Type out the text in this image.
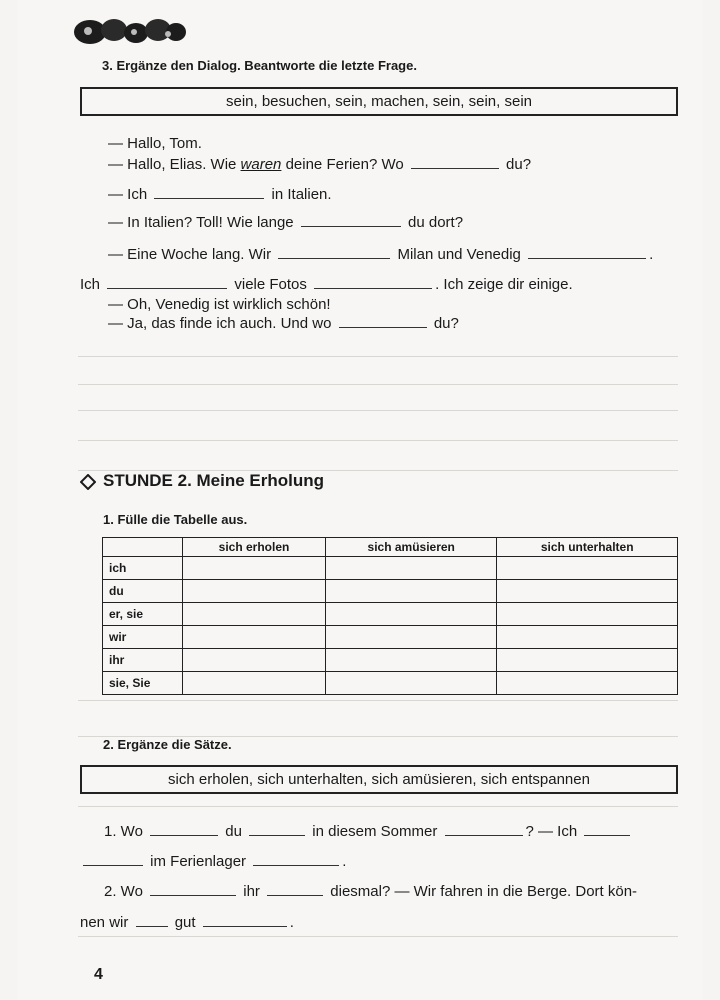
3. Ergänze den Dialog. Beantworte die letzte Frage.
sein, besuchen, sein, machen, sein, sein, sein
— Hallo, Tom.
— Hallo, Elias. Wie waren deine Ferien? Wo	du?
— Ich	in Italien.
— In Italien? Toll! Wie lange	du dort?
— Eine Woche lang. Wir	Milan und Venedig	.
Ich	viele Fotos	. Ich zeige dir einige.
— Oh, Venedig ist wirklich schön!
— Ja, das finde ich auch. Und wo	du?
STUNDE 2. Meine Erholung
1. Fülle die Tabelle aus.
	sich erholen	sich amüsieren	sich unterhalten
ich			
du			
er, sie			
wir			
ihr			
sie, Sie			
2. Ergänze die Sätze.
sich erholen, sich unterhalten, sich amüsieren, sich entspannen
1. Wo	du	in diesem Sommer	? — Ich
im Ferienlager	.
2. Wo	ihr	diesmal? — Wir fahren in die Berge. Dort kön-
nen wir	gut	.
4
